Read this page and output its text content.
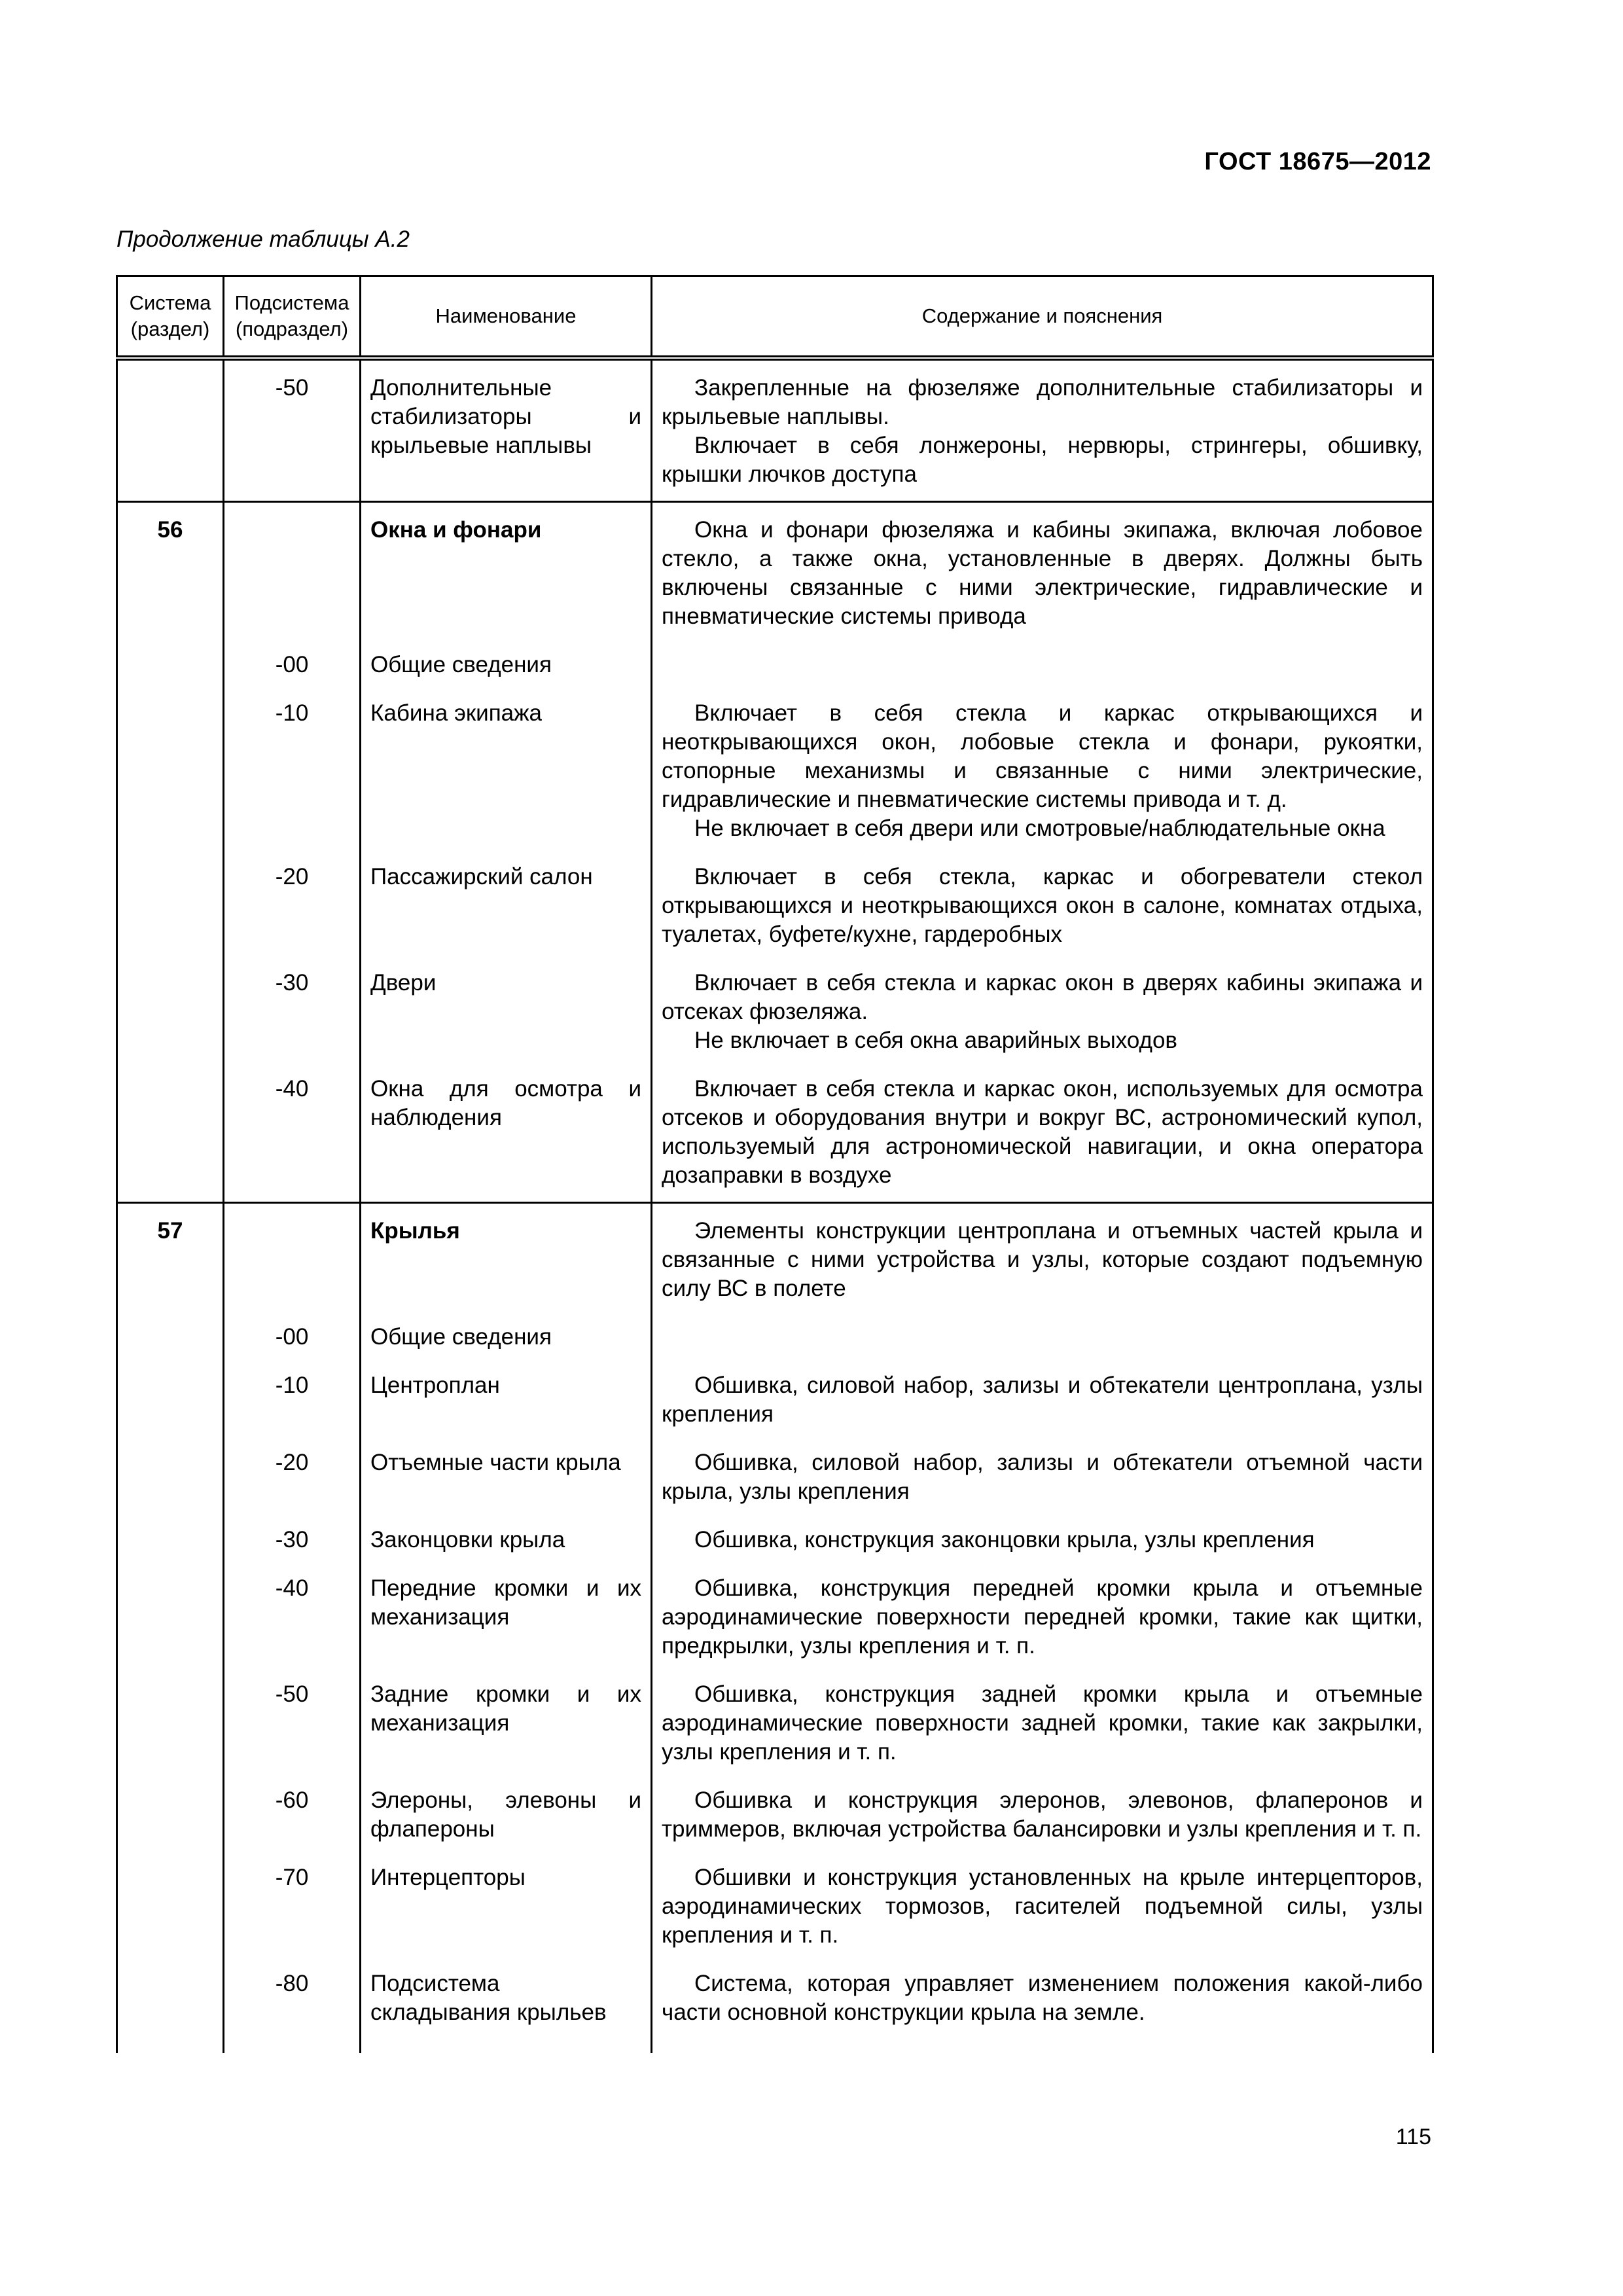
ГОСТ 18675—2012
Продолжение таблицы А.2
Система (раздел)	Подсистема (подраздел)	Наименование	Содержание и пояснения
	-50	Дополнительные стабилизаторы и крыльевые наплывы	Закрепленные на фюзеляже дополнительные стабилизаторы и крыльевые наплывы.

Включает в себя лонжероны, нервюры, стрингеры, обшивку, крышки лючков доступа

56		Окна и фонари	Окна и фонари фюзеляжа и кабины экипажа, включая лобовое стекло, а также окна, установленные в дверях. Должны быть включены связанные с ними электрические, гидравлические и пневматические системы привода

	-00	Общие сведения	
	-10	Кабина экипажа	Включает в себя стекла и каркас открывающихся и неоткрывающихся окон, лобовые стекла и фонари, рукоятки, стопорные механизмы и связанные с ними электрические, гидравлические и пневматические системы привода и т. д.

Не включает в себя двери или смотровые/наблюдательные окна

	-20	Пассажирский салон	Включает в себя стекла, каркас и обогреватели стекол открывающихся и неоткрывающихся окон в салоне, комнатах отдыха, туалетах, буфете/кухне, гардеробных

	-30	Двери	Включает в себя стекла и каркас окон в дверях кабины экипажа и отсеках фюзеляжа.

Не включает в себя окна аварийных выходов

	-40	Окна для осмотра и наблюдения	Включает в себя стекла и каркас окон, используемых для осмотра отсеков и оборудования внутри и вокруг ВС, астрономический купол, используемый для астрономической навигации, и окна оператора дозаправки в воздухе

57		Крылья	Элементы конструкции центроплана и отъемных частей крыла и связанные с ними устройства и узлы, которые создают подъемную силу ВС в полете

	-00	Общие сведения	
	-10	Центроплан	Обшивка, силовой набор, зализы и обтекатели центроплана, узлы крепления

	-20	Отъемные части крыла	Обшивка, силовой набор, зализы и обтекатели отъемной части крыла, узлы крепления

	-30	Законцовки крыла	Обшивка, конструкция законцовки крыла, узлы крепления

	-40	Передние кромки и их механизация	Обшивка, конструкция передней кромки крыла и отъемные аэродинамические поверхности передней кромки, такие как щитки, предкрылки, узлы крепления и т. п.

	-50	Задние кромки и их механизация	Обшивка, конструкция задней кромки крыла и отъемные аэродинамические поверхности задней кромки, такие как закрылки, узлы крепления и т. п.

	-60	Элероны, элевоны и флапероны	Обшивка и конструкция элеронов, элевонов, флаперонов и триммеров, включая устройства балансировки и узлы крепления и т. п.

	-70	Интерцепторы	Обшивки и конструкция установленных на крыле интерцепторов, аэродинамических тормозов, гасителей подъемной силы, узлы крепления и т. п.

	-80	Подсистема складывания крыльев	Система, которая управляет изменением положения какой-либо части основной конструкции крыла на земле.

115
